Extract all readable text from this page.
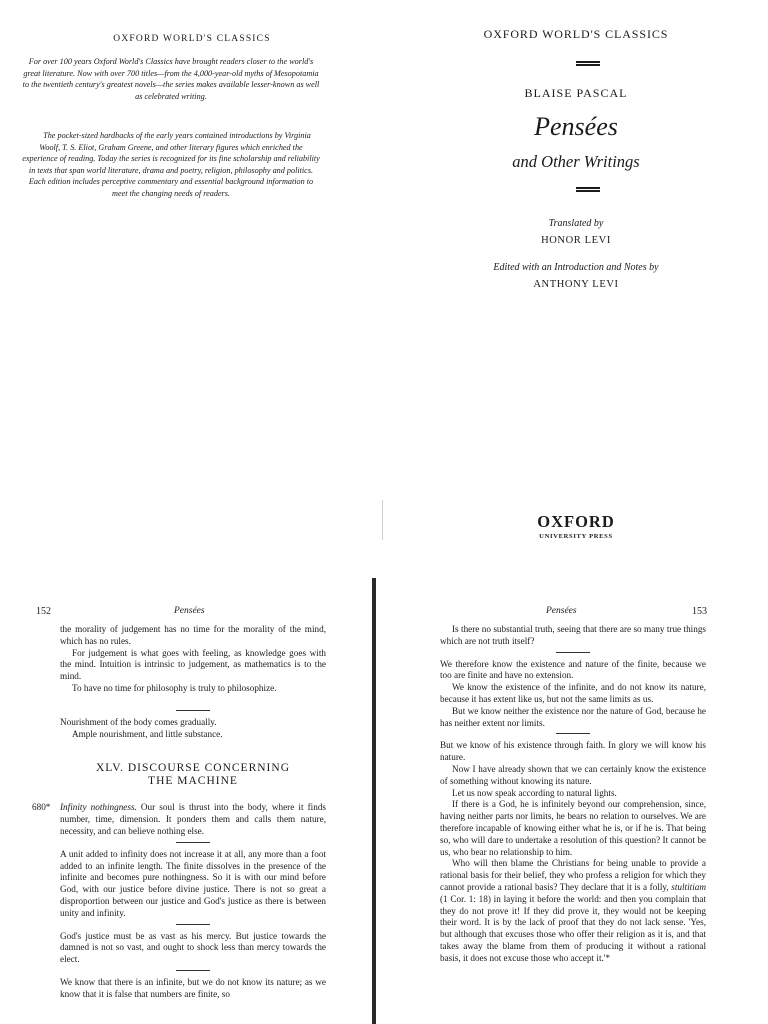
OXFORD WORLD'S CLASSICS

For over 100 years Oxford World's Classics have brought readers closer to the world's great literature. Now with over 700 titles—from the 4,000-year-old myths of Mesopotamia to the twentieth century's greatest novels—the series makes available lesser-known as well as celebrated writing.

The pocket-sized hardbacks of the early years contained introductions by Virginia Woolf, T. S. Eliot, Graham Greene, and other literary figures which enriched the experience of reading. Today the series is recognized for its fine scholarship and reliability in texts that span world literature, drama and poetry, religion, philosophy and politics. Each edition includes perceptive commentary and essential background information to meet the changing needs of readers.

OXFORD WORLD'S CLASSICS
BLAISE PASCAL
Pensées
and Other Writings
Translated by
HONOR LEVI
Edited with an Introduction and Notes by
ANTHONY LEVI
OXFORD
UNIVERSITY PRESS
152	Pensées

the morality of judgement has no time for the morality of the mind, which has no rules.

For judgement is what goes with feeling, as knowledge goes with the mind. Intuition is intrinsic to judgement, as mathematics is to the mind.

To have no time for philosophy is truly to philosophize.

Nourishment of the body comes gradually.

Ample nourishment, and little substance.

XLV. DISCOURSE CONCERNING
THE MACHINE

680* Infinity nothingness. Our soul is thrust into the body, where it finds number, time, dimension. It ponders them and calls them nature, necessity, and can believe nothing else.

A unit added to infinity does not increase it at all, any more than a foot added to an infinite length. The finite dissolves in the presence of the infinite and becomes pure nothingness. So it is with our mind before God, with our justice before divine justice. There is not so great a disproportion between our justice and God's justice as there is between unity and infinity.

God's justice must be as vast as his mercy. But justice towards the damned is not so vast, and ought to shock less than mercy towards the elect.

We know that there is an infinite, but we do not know its nature; as we know that it is false that numbers are finite, so

Pensées	153

Is there no substantial truth, seeing that there are so many true things which are not truth itself?

We therefore know the existence and nature of the finite, because we too are finite and have no extension.

We know the existence of the infinite, and do not know its nature, because it has extent like us, but not the same limits as us.

But we know neither the existence nor the nature of God, because he has neither extent nor limits.

But we know of his existence through faith. In glory we will know his nature.

Now I have already shown that we can certainly know the existence of something without knowing its nature.

Let us now speak according to natural lights.

If there is a God, he is infinitely beyond our comprehension, since, having neither parts nor limits, he bears no relation to ourselves. We are therefore incapable of knowing either what he is, or if he is. That being so, who will dare to undertake a resolution of this question? It cannot be us, who bear no relationship to him.

Who will then blame the Christians for being unable to provide a rational basis for their belief, they who profess a religion for which they cannot provide a rational basis? They declare that it is a folly, stultitiam (1 Cor. 1: 18) in laying it before the world: and then you complain that they do not prove it! If they did prove it, they would not be keeping their word. It is by the lack of proof that they do not lack sense. 'Yes, but although that excuses those who offer their religion as it is, and that takes away the blame from them of producing it without a rational basis, it does not excuse those who accept it.'*
